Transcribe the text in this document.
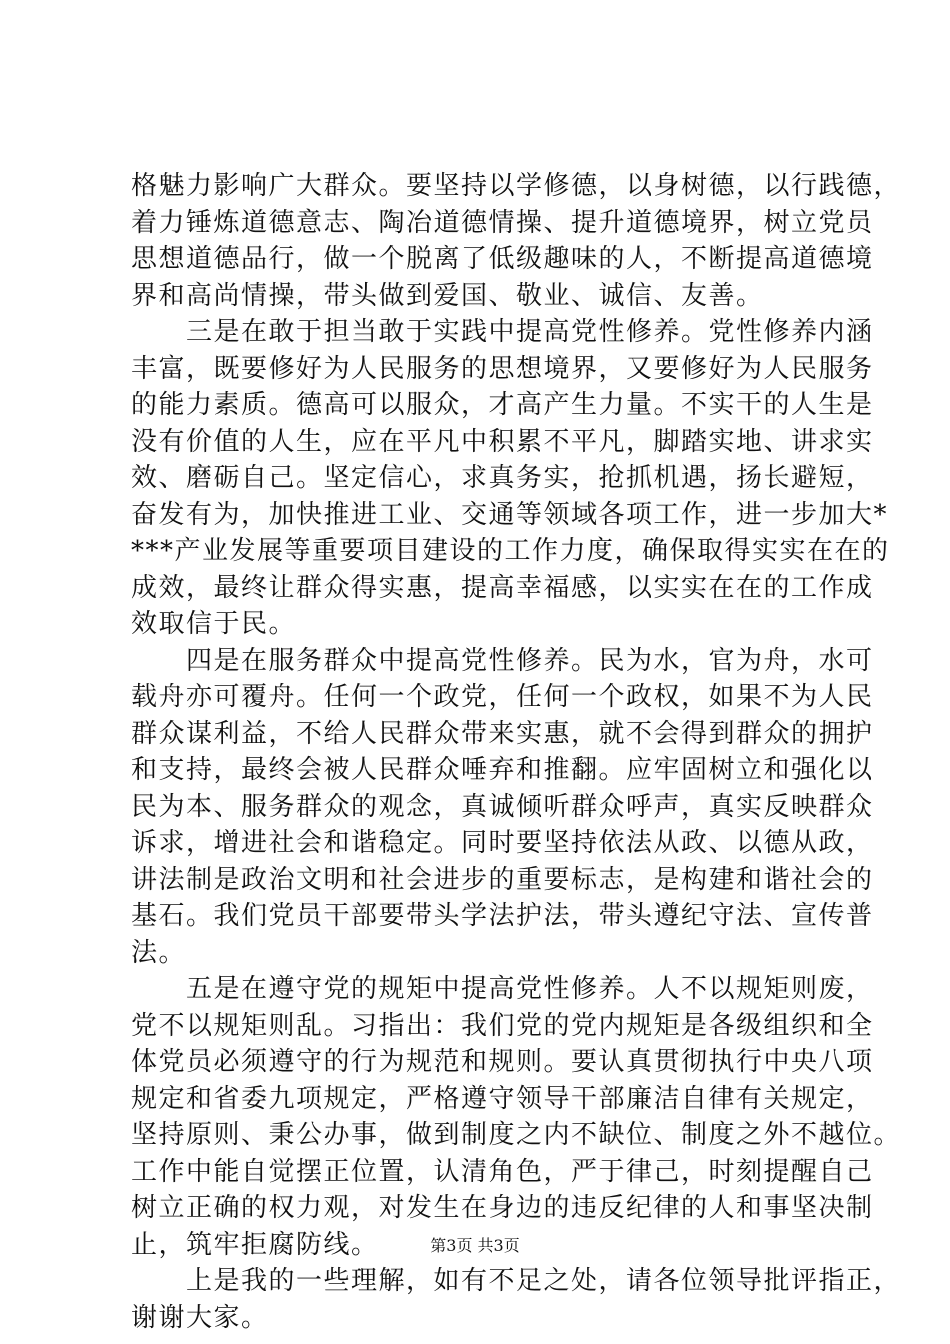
格魅力影响广大群众。要坚持以学修德，以身树德，以行践德，
着力锤炼道德意志、陶冶道德情操、提升道德境界，树立党员
思想道德品行，做一个脱离了低级趣味的人，不断提高道德境
界和高尚情操，带头做到爱国、敬业、诚信、友善。
　　三是在敢于担当敢于实践中提高党性修养。党性修养内涵
丰富，既要修好为人民服务的思想境界，又要修好为人民服务
的能力素质。德高可以服众，才高产生力量。不实干的人生是
没有价值的人生，应在平凡中积累不平凡，脚踏实地、讲求实
效、磨砺自己。坚定信心，求真务实，抢抓机遇，扬长避短，
奋发有为，加快推进工业、交通等领域各项工作，进一步加大*
***产业发展等重要项目建设的工作力度，确保取得实实在在的
成效，最终让群众得实惠，提高幸福感，以实实在在的工作成
效取信于民。
　　四是在服务群众中提高党性修养。民为水，官为舟，水可
载舟亦可覆舟。任何一个政党，任何一个政权，如果不为人民
群众谋利益，不给人民群众带来实惠，就不会得到群众的拥护
和支持，最终会被人民群众唾弃和推翻。应牢固树立和强化以
民为本、服务群众的观念，真诚倾听群众呼声，真实反映群众
诉求，增进社会和谐稳定。同时要坚持依法从政、以德从政，
讲法制是政治文明和社会进步的重要标志，是构建和谐社会的
基石。我们党员干部要带头学法护法，带头遵纪守法、宣传普
法。
　　五是在遵守党的规矩中提高党性修养。人不以规矩则废，
党不以规矩则乱。习指出：我们党的党内规矩是各级组织和全
体党员必须遵守的行为规范和规则。要认真贯彻执行中央八项
规定和省委九项规定，严格遵守领导干部廉洁自律有关规定，
坚持原则、秉公办事，做到制度之内不缺位、制度之外不越位。
工作中能自觉摆正位置，认清角色，严于律己，时刻提醒自己
树立正确的权力观，对发生在身边的违反纪律的人和事坚决制
止，筑牢拒腐防线。
　　上是我的一些理解，如有不足之处，请各位领导批评指正，
谢谢大家。
第3页 共3页
